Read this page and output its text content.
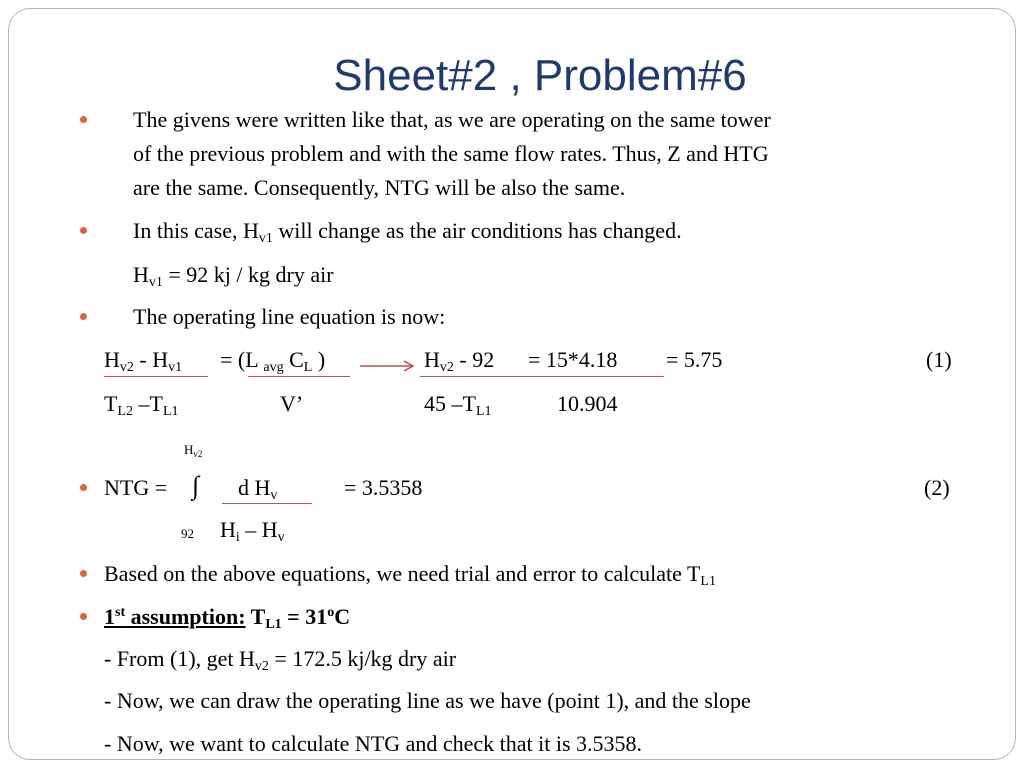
Sheet#2 , Problem#6
The givens were written like that, as we are operating on the same tower
of the previous problem and with the same flow rates. Thus, Z and HTG
are the same. Consequently, NTG will be also the same.
In this case, $H_{v1}$ will change as the air conditions has changed.
$H_{v1} = 92$ kj / kg dry air
The operating line equation is now:
$H_{v2} - H_{v1} = (L$ $_{avg}$ $C_L$ )	$H_{v2} - 92 = 15*4.18 = 5.75$	(1)
$T_{L2}$ $-T_{L1}$	V’	45 $-T_{L1}$	10.904
$H_{v2}$
NTG = ∫ d $H_v$	= 3.5358	(2)
92 $H_i - H_v$
Based on the above equations, we need trial and error to calculate $T_{L1}$
1st assumption: $T_{L1} = 31^oC$
- From (1), get $H_{v2} = 172.5$ kj/kg dry air
- Now, we can draw the operating line as we have (point 1), and the slope
- Now, we want to calculate NTG and check that it is 3.5358.
